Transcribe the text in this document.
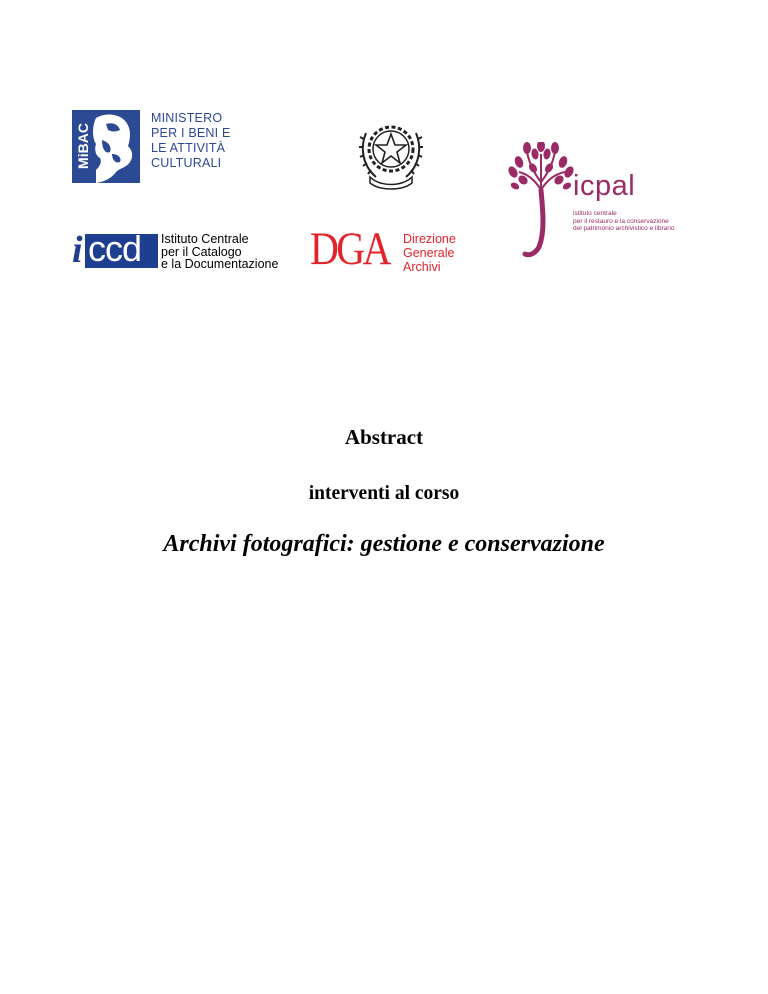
MiBAC
MINISTERO
PER I BENI E
LE ATTIVITÀ
CULTURALI
icpal
istituto centrale
per il restauro e la conservazione
del patrimonio archivistico e librario
i ccd Istituto Centrale
per il Catalogo
e la Documentazione DGA Direzione
Generale
Archivi
Abstract
interventi al corso
Archivi fotografici: gestione e conservazione
